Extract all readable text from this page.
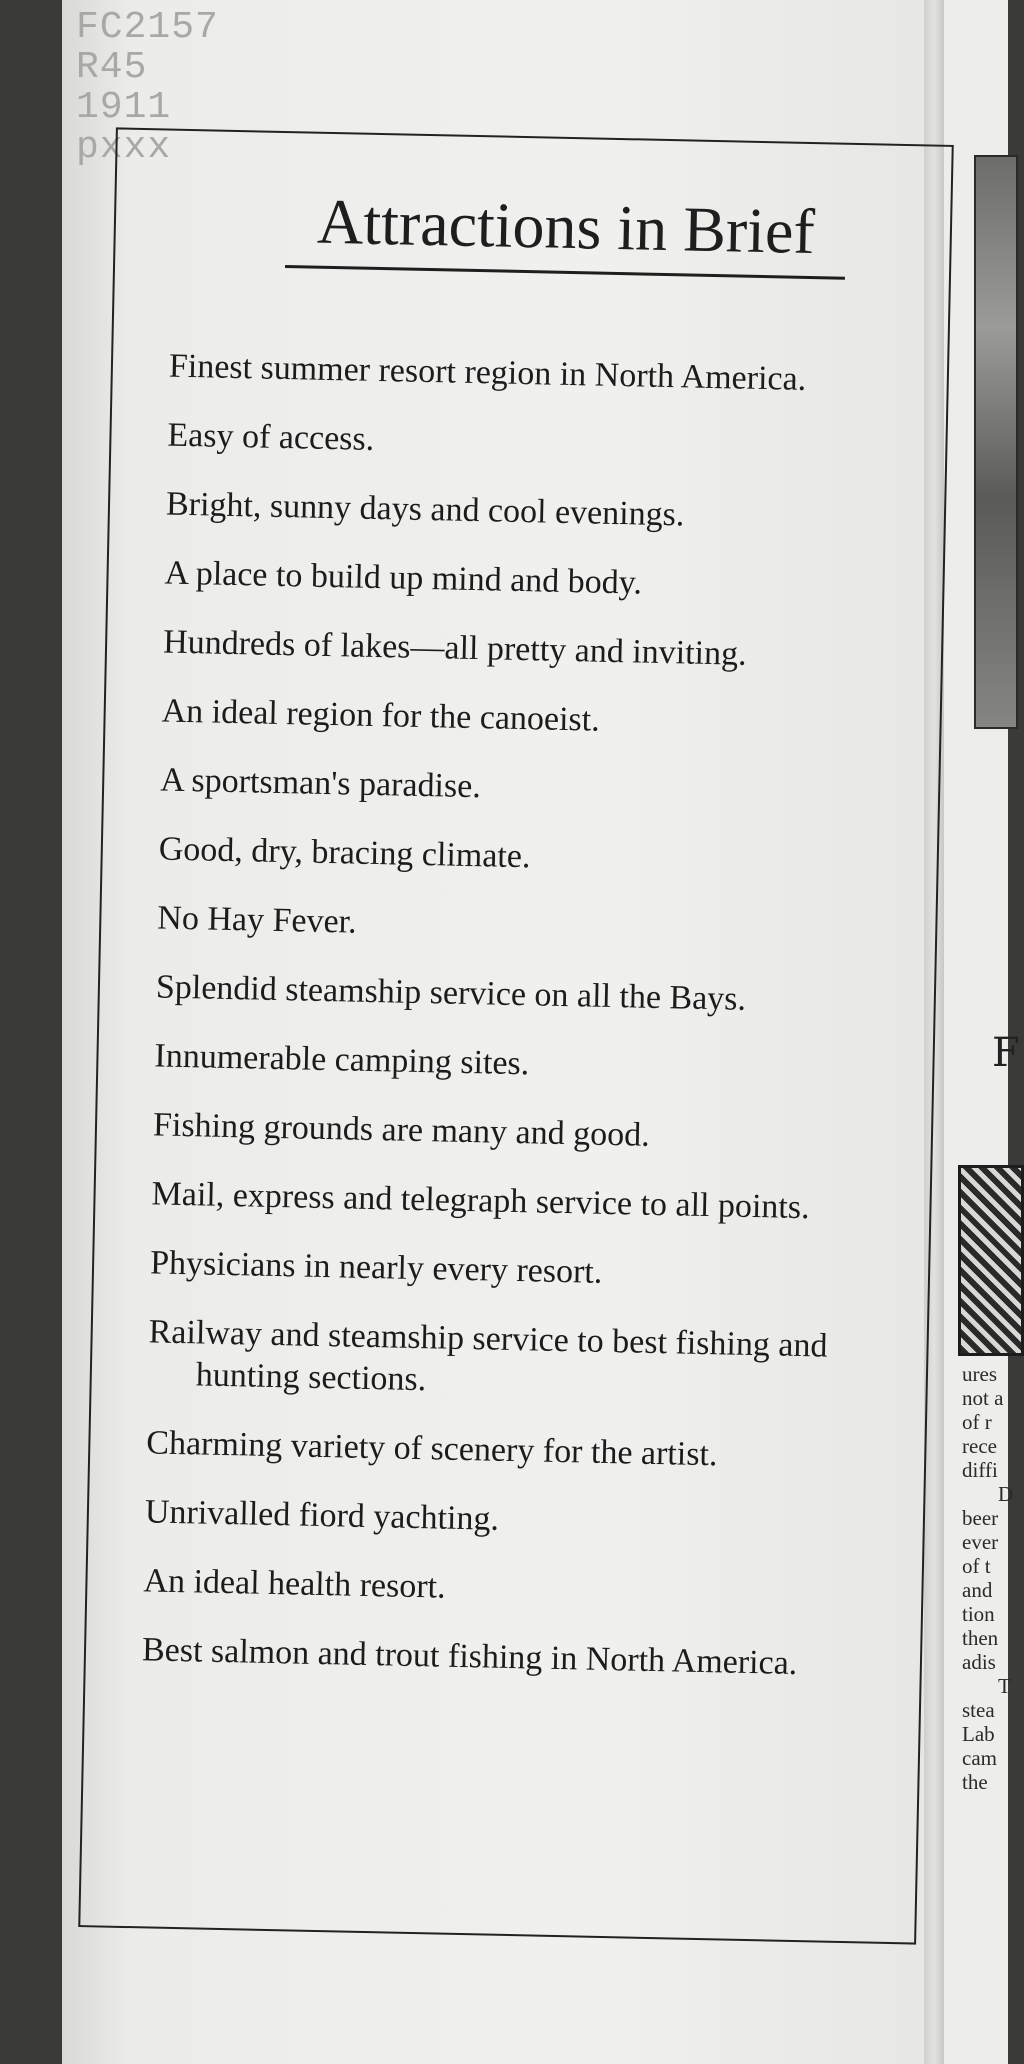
F
ures
not a
of r
rece
diffi
D
beer
ever
of t
and
tion
then
adis
T
stea
Lab
cam
the
FC2157
R45
1911
pxxx
Attractions in Brief
Finest summer resort region in North America.
Easy of access.
Bright, sunny days and cool evenings.
A place to build up mind and body.
Hundreds of lakes—all pretty and inviting.
An ideal region for the canoeist.
A sportsman's paradise.
Good, dry, bracing climate.
No Hay Fever.
Splendid steamship service on all the Bays.
Innumerable camping sites.
Fishing grounds are many and good.
Mail, express and telegraph service to all points.
Physicians in nearly every resort.
Railway and steamship service to best fishing and hunting sections.
Charming variety of scenery for the artist.
Unrivalled fiord yachting.
An ideal health resort.
Best salmon and trout fishing in North America.
